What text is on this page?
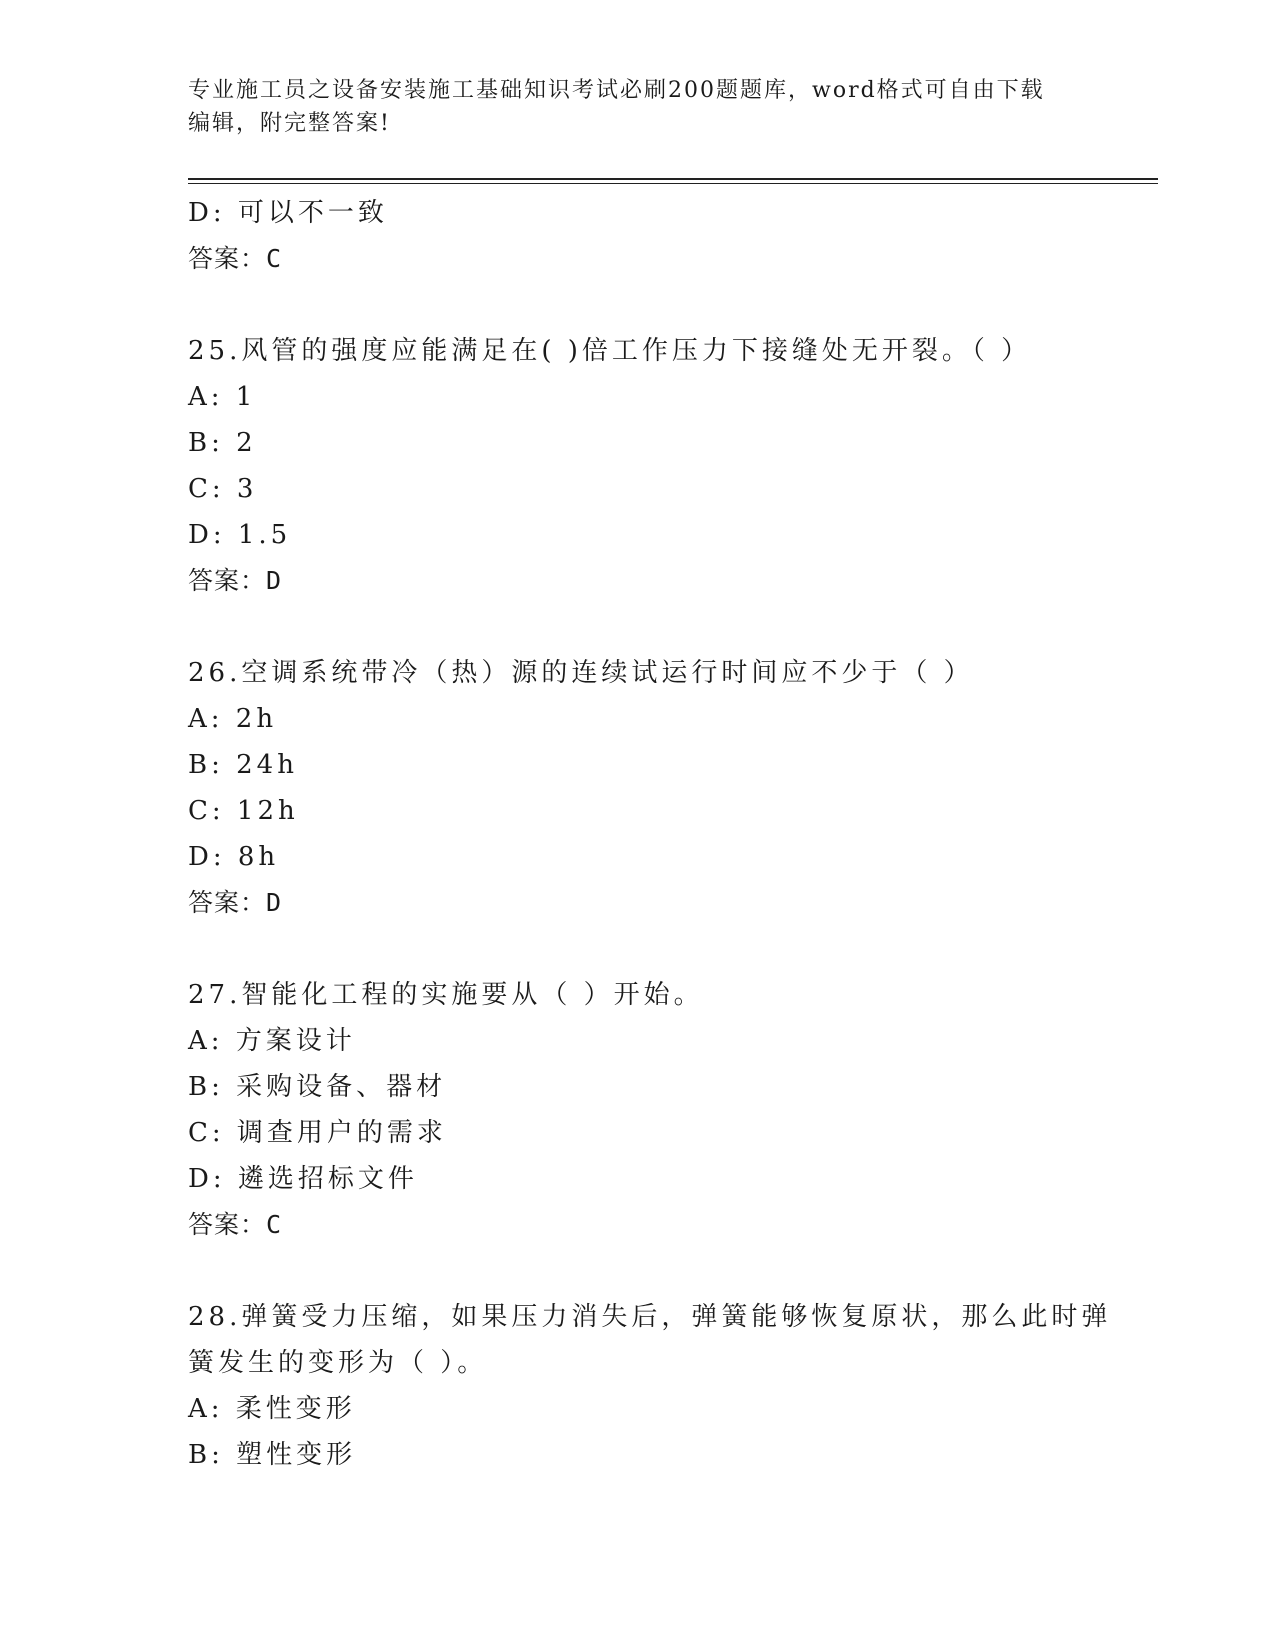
专业施工员之设备安装施工基础知识考试必刷200题题库，word格式可自由下载
编辑，附完整答案!
D: 可以不一致
答案：C
25.风管的强度应能满足在( )倍工作压力下接缝处无开裂。（ ）
A: 1
B: 2
C: 3
D: 1.5
答案：D
26.空调系统带冷（热）源的连续试运行时间应不少于（ ）
A: 2h
B: 24h
C: 12h
D: 8h
答案：D
27.智能化工程的实施要从（ ）开始。
A: 方案设计
B: 采购设备、器材
C: 调查用户的需求
D: 遴选招标文件
答案：C
28.弹簧受力压缩，如果压力消失后，弹簧能够恢复原状，那么此时弹
簧发生的变形为（ ）。
A: 柔性变形
B: 塑性变形
